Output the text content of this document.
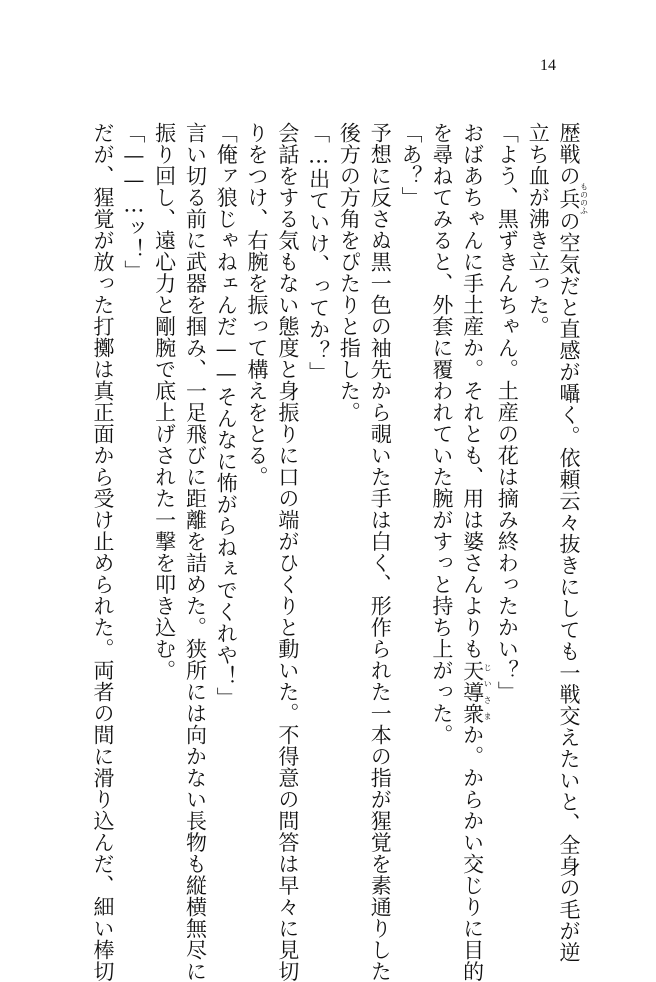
14
歴戦の兵もののふの空気だと直感が囁く。依頼云々抜きにしても一戦交えたいと、全身の毛が逆
立ち血が沸き立った。
「よう、黒ずきんちゃん。土産の花は摘み終わったかい？」
おばあちゃんに手土産か。それとも、用は婆さんよりも天導衆じいさまか。からかい交じりに目的
を尋ねてみると、外套に覆われていた腕がすっと持ち上がった。
「あ？」
予想に反さぬ黒一色の袖先から覗いた手は白く、形作られた一本の指が猩覚を素通りした
後方の方角をぴたりと指した。
「…出ていけ、ってか？」
会話をする気もない態度と身振りに口の端がひくりと動いた。不得意の問答は早々に見切
りをつけ、右腕を振って構えをとる。
「俺ァ狼じゃねェんだ——そんなに怖がらねぇでくれや！」
言い切る前に武器を掴み、一足飛びに距離を詰めた。狭所には向かない長物も縦横無尽に
振り回し、遠心力と剛腕で底上げされた一撃を叩き込む。
「——…ッ！」
だが、猩覚が放った打擲は真正面から受け止められた。両者の間に滑り込んだ、細い棒切
